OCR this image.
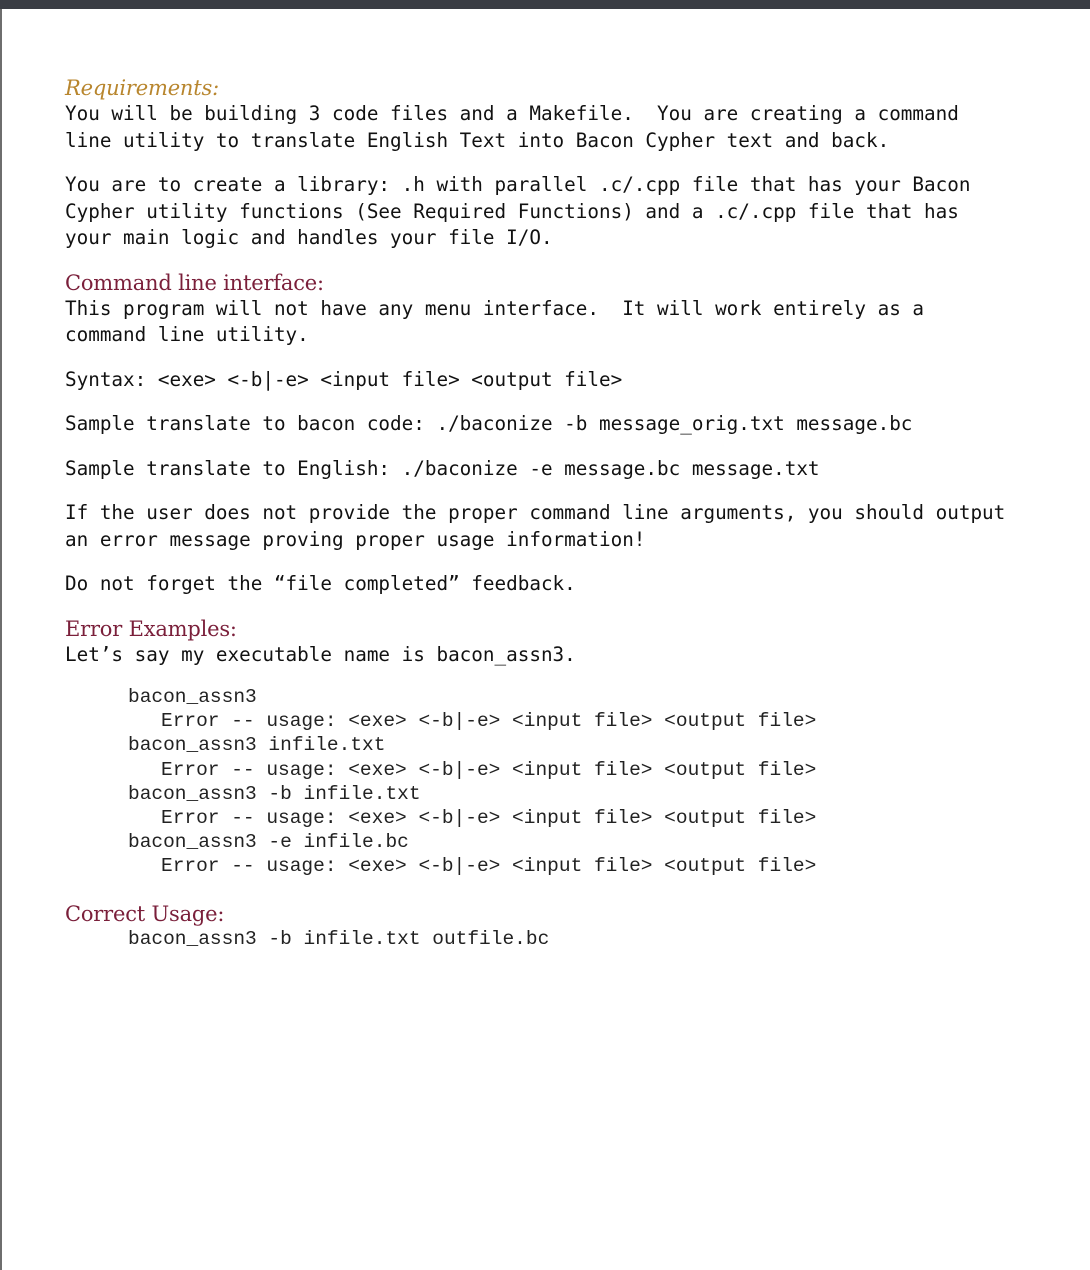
Requirements:

You will be building 3 code files and a Makefile.  You are creating a command

line utility to translate English Text into Bacon Cypher text and back.

You are to create a library: .h with parallel .c/.cpp file that has your Bacon

Cypher utility functions (See Required Functions) and a .c/.cpp file that has

your main logic and handles your file I/O.

Command line interface:

This program will not have any menu interface.  It will work entirely as a

command line utility.

Syntax: <exe> <-b|-e> <input file> <output file>

Sample translate to bacon code: ./baconize -b message_orig.txt message.bc

Sample translate to English: ./baconize -e message.bc message.txt

If the user does not provide the proper command line arguments, you should output

an error message proving proper usage information!

Do not forget the “file completed” feedback.

Error Examples:

Let’s say my executable name is bacon_assn3.

bacon_assn3

Error -- usage: <exe> <-b|-e> <input file> <output file>

bacon_assn3 infile.txt

Error -- usage: <exe> <-b|-e> <input file> <output file>

bacon_assn3 -b infile.txt

Error -- usage: <exe> <-b|-e> <input file> <output file>

bacon_assn3 -e infile.bc

Error -- usage: <exe> <-b|-e> <input file> <output file>

Correct Usage:

bacon_assn3 -b infile.txt outfile.bc
